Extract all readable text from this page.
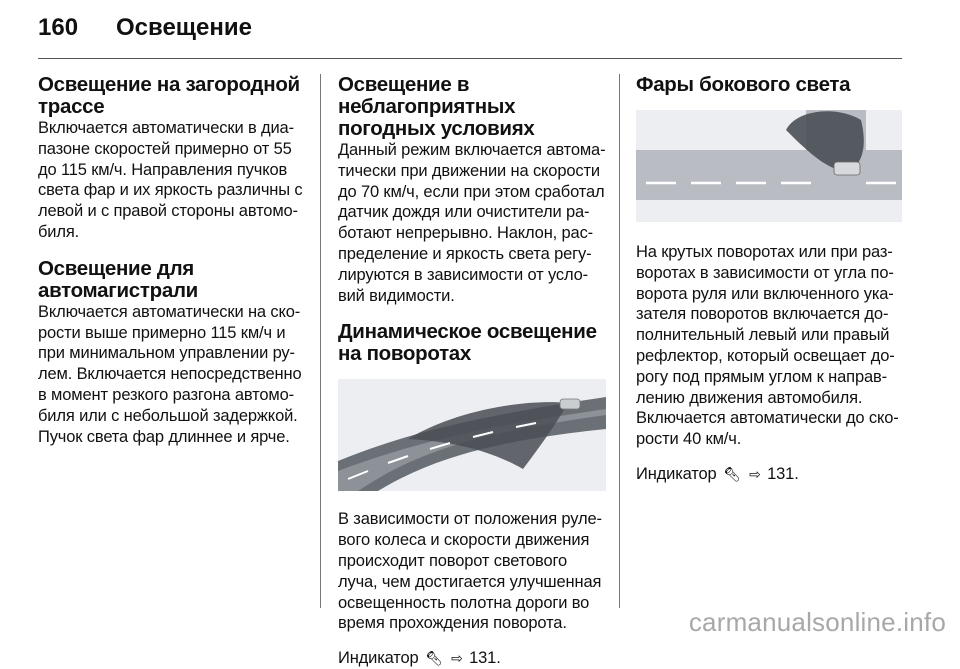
160	Освещение
Освещение на загородной трассе

Включается автоматически в диа-пазоне скоростей примерно от 55 до 115 км/ч. Направления пучков света фар и их яркость различны с левой и с правой стороны автомо-биля.

Освещение для автомагистрали

Включается автоматически на ско-рости выше примерно 115 км/ч и при минимальном управлении ру-лем. Включается непосредственно в момент резкого разгона автомо-биля или с небольшой задержкой. Пучок света фар длиннее и ярче.

Освещение в неблагоприятных погодных условиях

Данный режим включается автома-тически при движении на скорости до 70 км/ч, если при этом сработал датчик дождя или очистители ра-ботают непрерывно. Наклон, рас-пределение и яркость света регу-лируются в зависимости от усло-вий видимости.

Динамическое освещение на поворотах

В зависимости от положения руле-вого колеса и скорости движения происходит поворот светового луча, чем достигается улучшенная освещенность полотна дороги во время прохождения поворота.

Индикатор 🔦︎ ⇨ 131.

Фары бокового света

На крутых поворотах или при раз-воротах в зависимости от угла по-ворота руля или включенного ука-зателя поворотов включается до-полнительный левый или правый рефлектор, который освещает до-рогу под прямым углом к направ-лению движения автомобиля. Включается автоматически до ско-рости 40 км/ч.

Индикатор 🔦︎ ⇨ 131.

carmanualsonline.info
